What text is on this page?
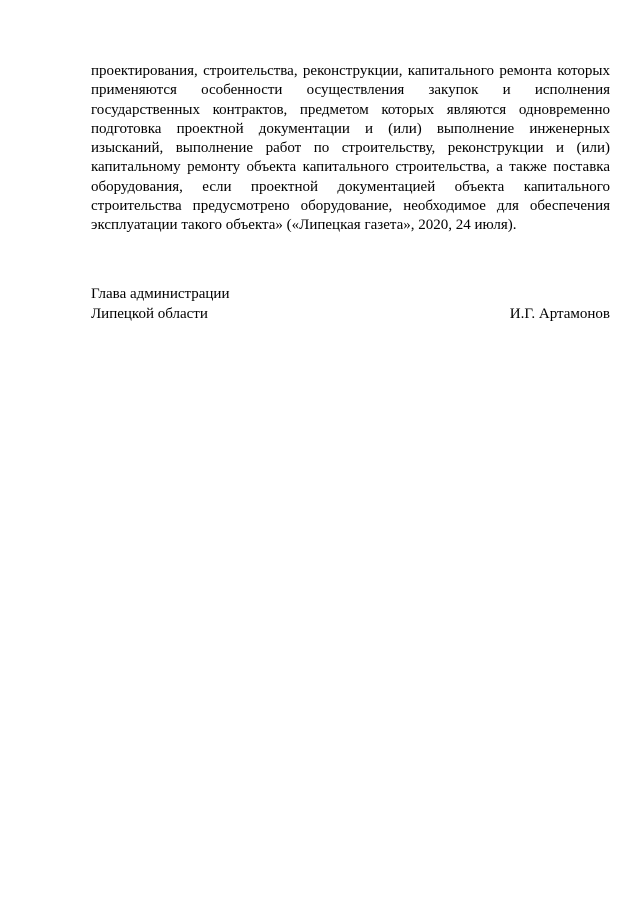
проектирования, строительства, реконструкции, капитального ремонта которых
применяются особенности осуществления закупок и исполнения
государственных контрактов, предметом которых являются одновременно
подготовка проектной документации и (или) выполнение инженерных
изысканий, выполнение работ по строительству, реконструкции и (или)
капитальному ремонту объекта капитального строительства, а также поставка
оборудования, если проектной документацией объекта капитального
строительства предусмотрено оборудование, необходимое для обеспечения
эксплуатации такого объекта» («Липецкая газета», 2020, 24 июля).
Глава администрации
Липецкой области	И.Г. Артамонов
